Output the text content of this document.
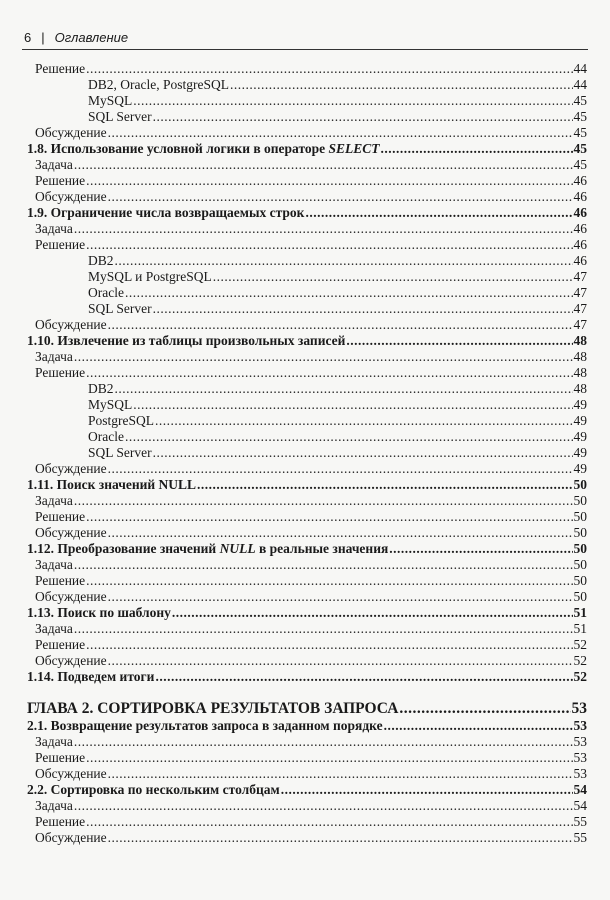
6 | Оглавление
Решение .....	44
DB2, Oracle, PostgreSQL .....	44
MySQL .....	45
SQL Server .....	45
Обсуждение .....	45
1.8. Использование условной логики в операторе SELECT .....	45
Задача .....	45
Решение .....	46
Обсуждение .....	46
1.9. Ограничение числа возвращаемых строк .....	46
Задача .....	46
Решение .....	46
DB2 .....	46
MySQL и PostgreSQL .....	47
Oracle .....	47
SQL Server .....	47
Обсуждение .....	47
1.10. Извлечение из таблицы произвольных записей .....	48
Задача .....	48
Решение .....	48
DB2 .....	48
MySQL .....	49
PostgreSQL .....	49
Oracle .....	49
SQL Server .....	49
Обсуждение .....	49
1.11. Поиск значений NULL .....	50
Задача .....	50
Решение .....	50
Обсуждение .....	50
1.12. Преобразование значений NULL в реальные значения .....	50
Задача .....	50
Решение .....	50
Обсуждение .....	50
1.13. Поиск по шаблону .....	51
Задача .....	51
Решение .....	52
Обсуждение .....	52
1.14. Подведем итоги .....	52
ГЛАВА 2. СОРТИРОВКА РЕЗУЛЬТАТОВ ЗАПРОСА .....	53
2.1. Возвращение результатов запроса в заданном порядке .....	53
Задача .....	53
Решение .....	53
Обсуждение .....	53
2.2. Сортировка по нескольким столбцам .....	54
Задача .....	54
Решение .....	55
Обсуждение .....	55
